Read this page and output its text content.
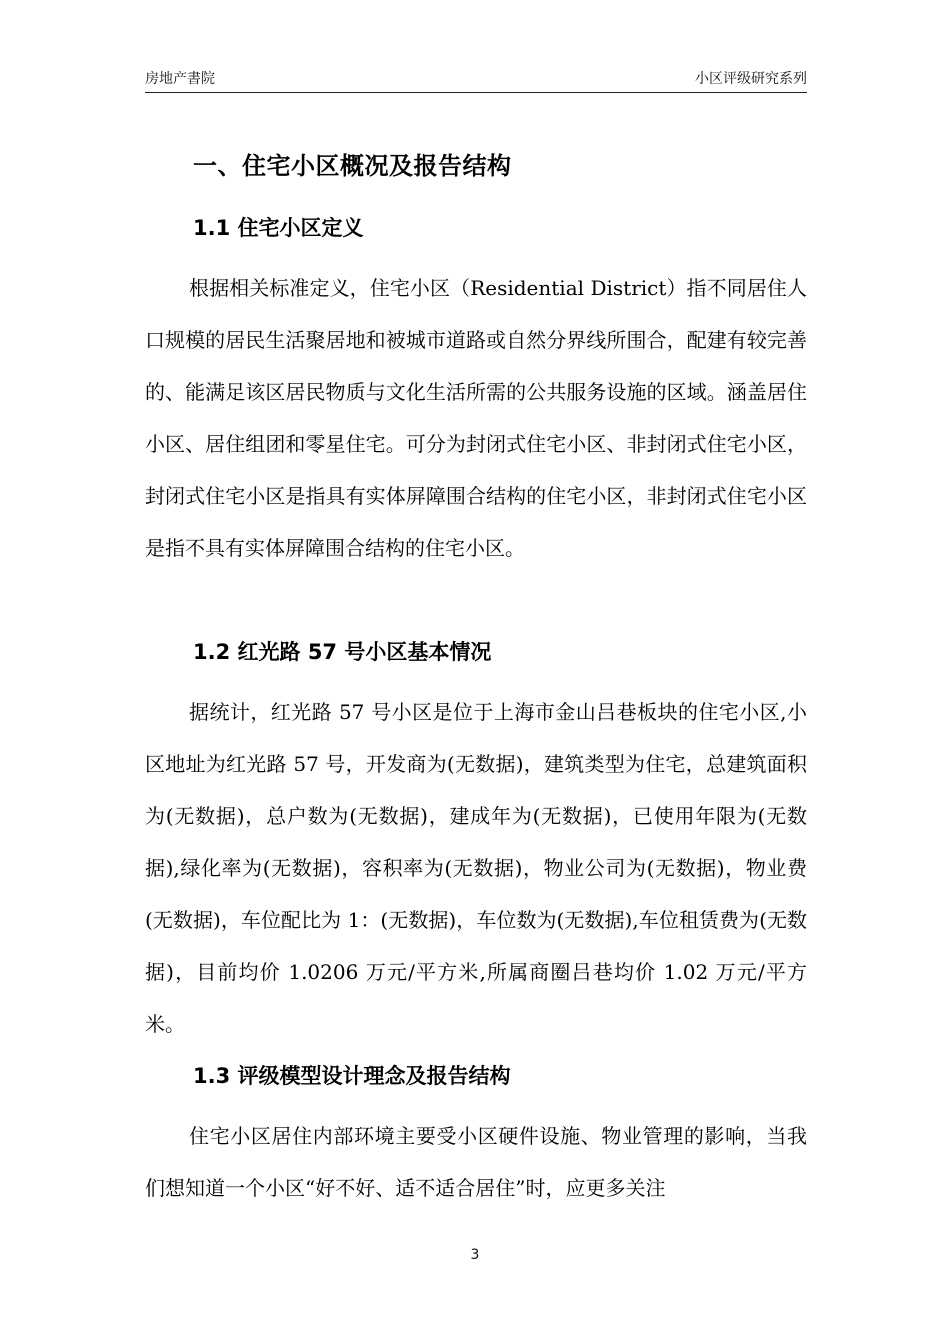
房地产書院	小区评级研究系列
一、住宅小区概况及报告结构
1.1 住宅小区定义
根据相关标准定义，住宅小区（Residential District）指不同居住人口规模的居民生活聚居地和被城市道路或自然分界线所围合，配建有较完善的、能满足该区居民物质与文化生活所需的公共服务设施的区域。涵盖居住小区、居住组团和零星住宅。可分为封闭式住宅小区、非封闭式住宅小区，封闭式住宅小区是指具有实体屏障围合结构的住宅小区，非封闭式住宅小区是指不具有实体屏障围合结构的住宅小区。
1.2 红光路 57 号小区基本情况
据统计，红光路 57 号小区是位于上海市金山吕巷板块的住宅小区,小区地址为红光路 57 号，开发商为(无数据)，建筑类型为住宅，总建筑面积为(无数据)，总户数为(无数据)，建成年为(无数据)，已使用年限为(无数据),绿化率为(无数据)，容积率为(无数据)，物业公司为(无数据)，物业费(无数据)，车位配比为 1：(无数据)，车位数为(无数据),车位租赁费为(无数据)，目前均价 1.0206 万元/平方米,所属商圈吕巷均价 1.02 万元/平方米。
1.3 评级模型设计理念及报告结构
住宅小区居住内部环境主要受小区硬件设施、物业管理的影响，当我们想知道一个小区“好不好、适不适合居住”时，应更多关注
3
